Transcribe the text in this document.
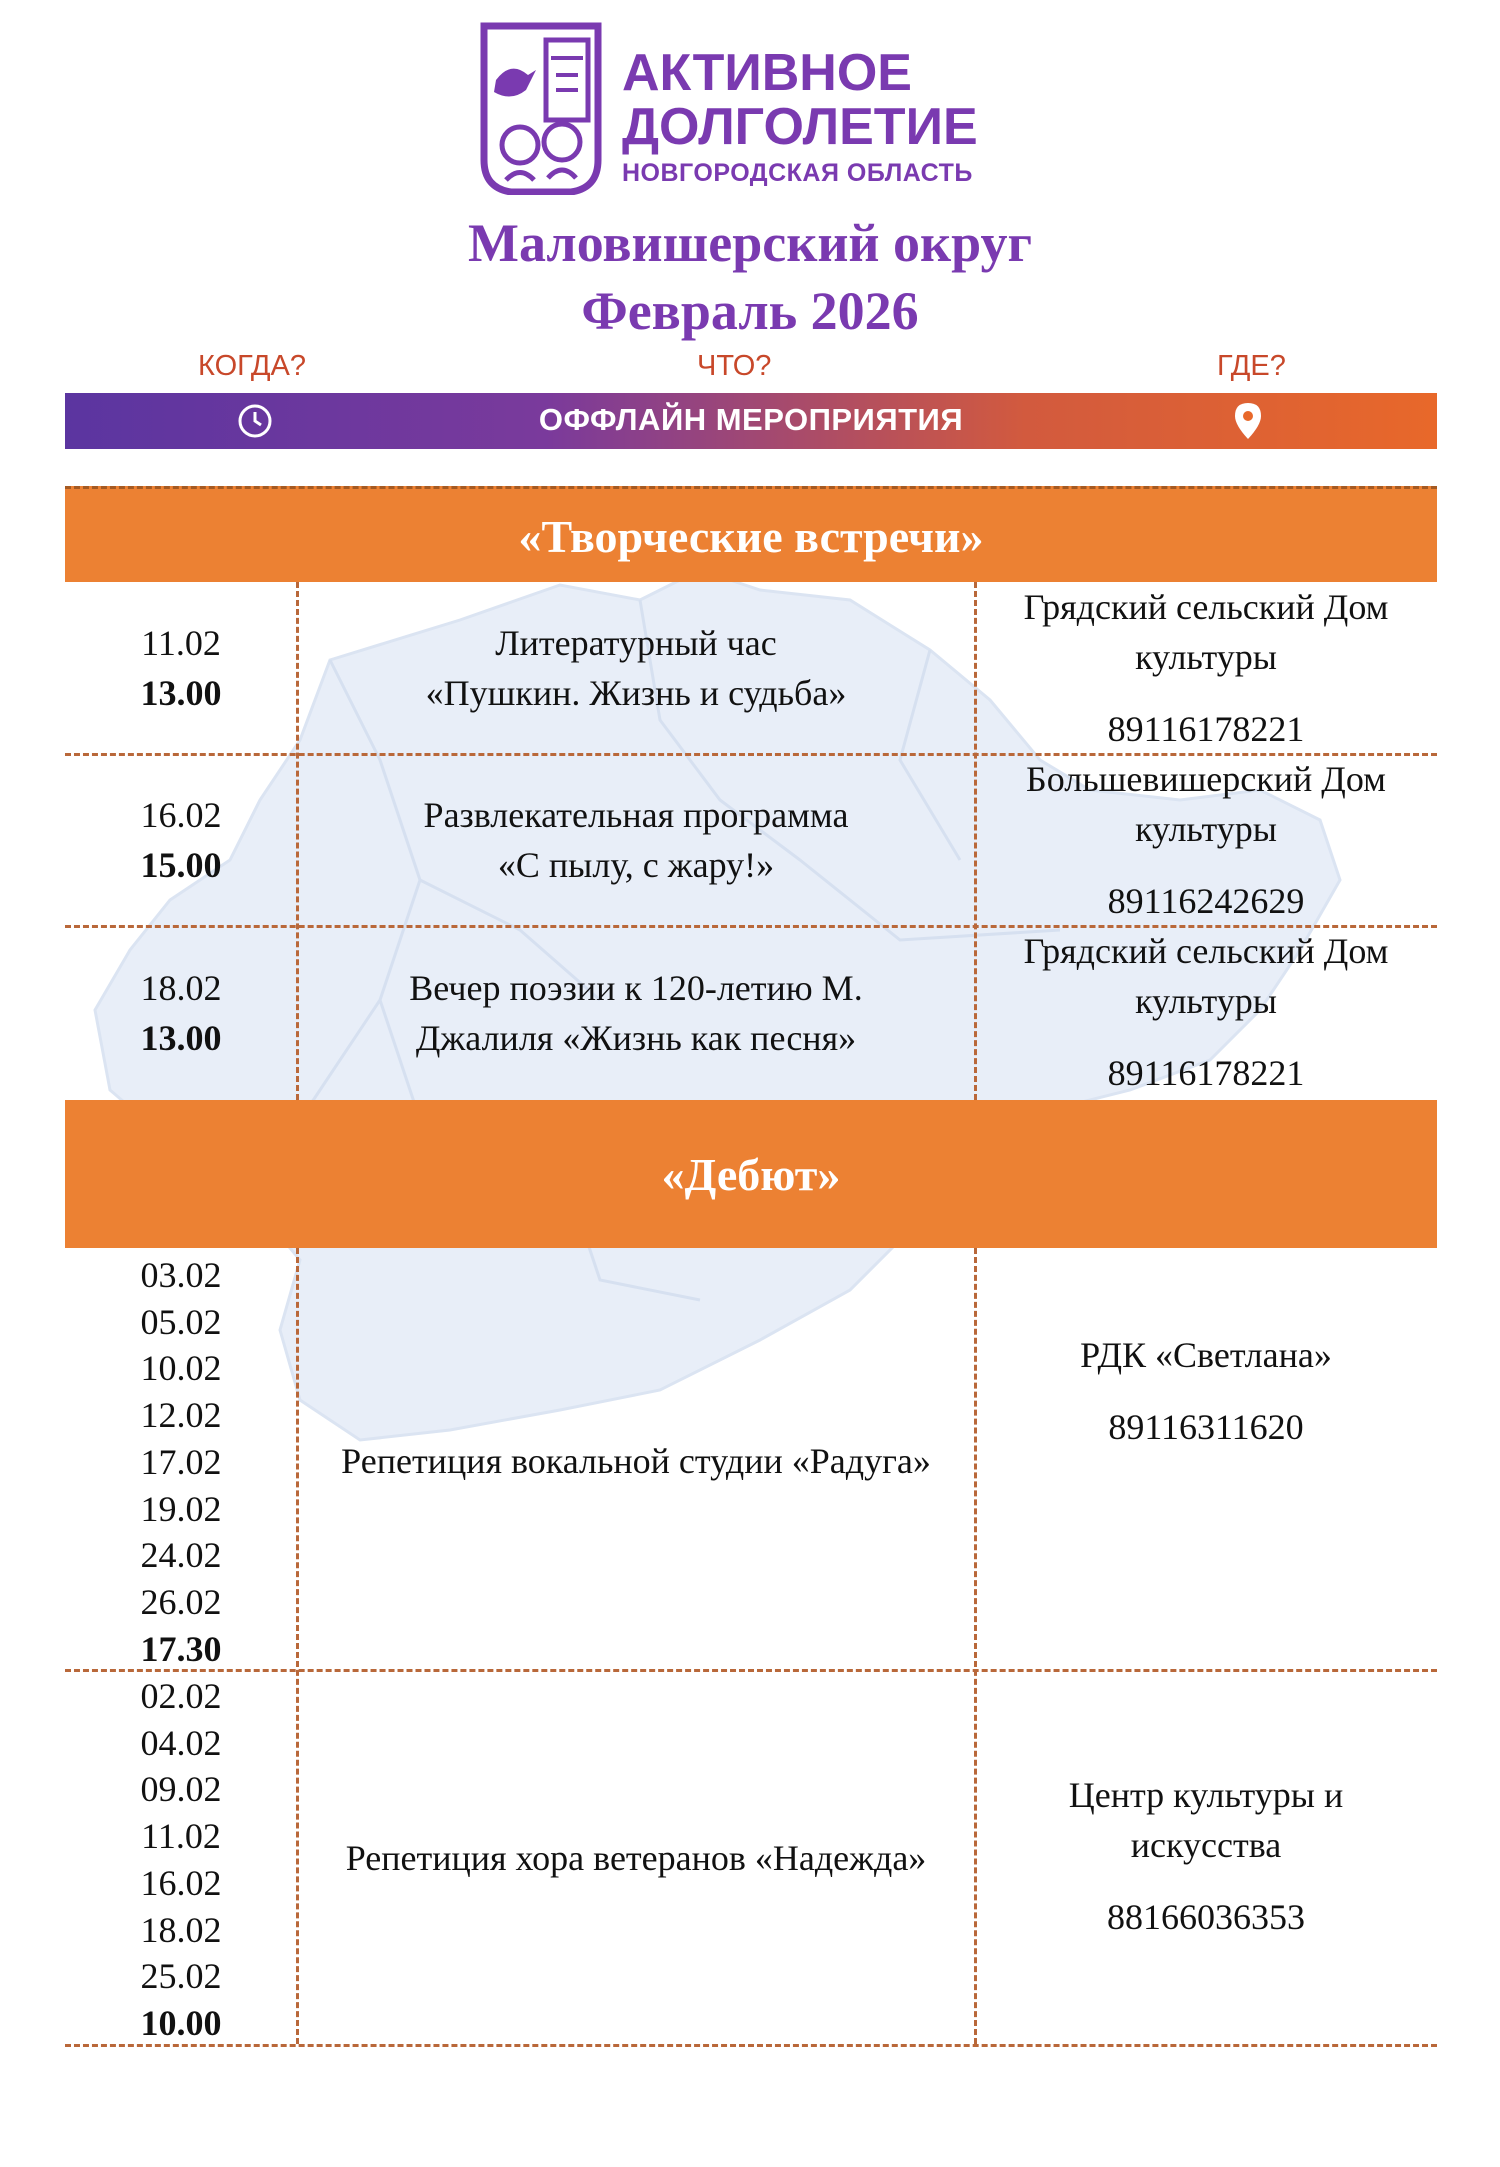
АКТИВНОЕ
ДОЛГОЛЕТИЕ
НОВГОРОДСКАЯ ОБЛАСТЬ
Маловишерский округ
Февраль 2026
КОГДА?	ЧТО?	ГДЕ?
ОФФЛАЙН МЕРОПРИЯТИЯ
«Творческие встречи»
11.02
13.00
Литературный час
«Пушкин. Жизнь и судьба»
Грядский сельский Дом
культуры
89116178221
16.02
15.00
Развлекательная программа
«С пылу, с жару!»
Большевишерский Дом
культуры
89116242629
18.02
13.00
Вечер поэзии к 120-летию М.
Джалиля «Жизнь как песня»
Грядский сельский Дом
культуры
89116178221
«Дебют»
03.02
05.02
10.02
12.02
17.02
19.02
24.02
26.02
17.30
Репетиция вокальной студии «Радуга»
РДК «Светлана»
89116311620
02.02
04.02
09.02
11.02
16.02
18.02
25.02
10.00
Репетиция хора ветеранов «Надежда»
Центр культуры и
искусства
88166036353
